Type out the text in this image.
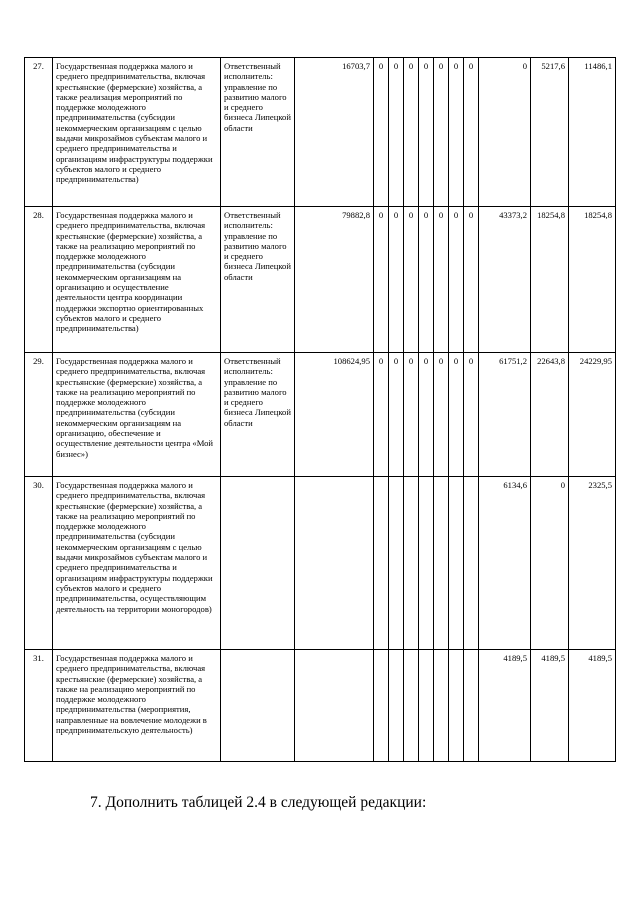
27.	Государственная поддержка малого и среднего предпринимательства, включая крестьянские (фермерские) хозяйства, а также реализация мероприятий по поддержке молодежного предпринимательства (субсидии некоммерческим организациям с целью выдачи микрозаймов субъектам малого и среднего предпринимательства и организациям инфраструктуры поддержки субъектов малого и среднего предпринимательства)	Ответственный исполнитель: управление по развитию малого и среднего бизнеса Липецкой области	16703,7	0	0	0	0	0	0	0	0	5217,6	11486,1
28.	Государственная поддержка малого и среднего предпринимательства, включая крестьянские (фермерские) хозяйства, а также на реализацию мероприятий по поддержке молодежного предпринимательства (субсидии некоммерческим организациям на организацию и осуществление деятельности центра координации поддержки экспортно ориентированных субъектов малого и среднего предпринимательства)	Ответственный исполнитель: управление по развитию малого и среднего бизнеса Липецкой области	79882,8	0	0	0	0	0	0	0	43373,2	18254,8	18254,8
29.	Государственная поддержка малого и среднего предпринимательства, включая крестьянские (фермерские) хозяйства, а также на реализацию мероприятий по поддержке молодежного предпринимательства (субсидии некоммерческим организациям на организацию, обеспечение и осуществление деятельности центра «Мой бизнес»)	Ответственный исполнитель: управление по развитию малого и среднего бизнеса Липецкой области	108624,95	0	0	0	0	0	0	0	61751,2	22643,8	24229,95
30.	Государственная поддержка малого и среднего предпринимательства, включая крестьянские (фермерские) хозяйства, а также на реализацию мероприятий по поддержке молодежного предпринимательства (субсидии некоммерческим организациям с целью выдачи микрозаймов субъектам малого и среднего предпринимательства и организациям инфраструктуры поддержки субъектов малого и среднего предпринимательства, осуществляющим деятельность на территории моногородов)										6134,6	0	2325,5
31.	Государственная поддержка малого и среднего предпринимательства, включая крестьянские (фермерские) хозяйства, а также на реализацию мероприятий по поддержке молодежного предпринимательства (мероприятия, направленные на вовлечение молодежи в предпринимательскую деятельность)										4189,5	4189,5	4189,5
7. Дополнить таблицей 2.4 в следующей редакции:
